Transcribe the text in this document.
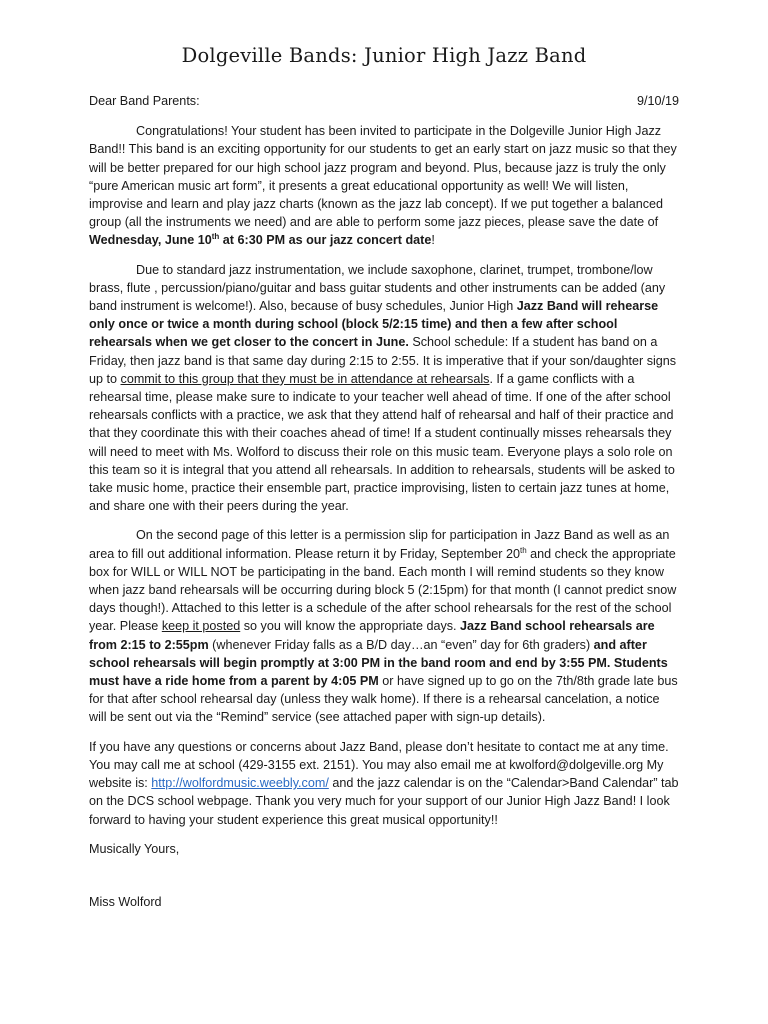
Dolgeville Bands: Junior High Jazz Band
Dear Band Parents:	9/10/19

Congratulations! Your student has been invited to participate in the Dolgeville Junior High Jazz Band!! This band is an exciting opportunity for our students to get an early start on jazz music so that they will be better prepared for our high school jazz program and beyond. Plus, because jazz is truly the only “pure American music art form”, it presents a great educational opportunity as well! We will listen, improvise and learn and play jazz charts (known as the jazz lab concept). If we put together a balanced group (all the instruments we need) and are able to perform some jazz pieces, please save the date of Wednesday, June 10th at 6:30 PM as our jazz concert date!

Due to standard jazz instrumentation, we include saxophone, clarinet, trumpet, trombone/low brass, flute , percussion/piano/guitar and bass guitar students and other instruments can be added (any band instrument is welcome!). Also, because of busy schedules, Junior High Jazz Band will rehearse only once or twice a month during school (block 5/2:15 time) and then a few after school rehearsals when we get closer to the concert in June. School schedule: If a student has band on a Friday, then jazz band is that same day during 2:15 to 2:55. It is imperative that if your son/daughter signs up to commit to this group that they must be in attendance at rehearsals. If a game conflicts with a rehearsal time, please make sure to indicate to your teacher well ahead of time. If one of the after school rehearsals conflicts with a practice, we ask that they attend half of rehearsal and half of their practice and that they coordinate this with their coaches ahead of time! If a student continually misses rehearsals they will need to meet with Ms. Wolford to discuss their role on this music team. Everyone plays a solo role on this team so it is integral that you attend all rehearsals. In addition to rehearsals, students will be asked to take music home, practice their ensemble part, practice improvising, listen to certain jazz tunes at home, and share one with their peers during the year.

On the second page of this letter is a permission slip for participation in Jazz Band as well as an area to fill out additional information. Please return it by Friday, September 20th and check the appropriate box for WILL or WILL NOT be participating in the band. Each month I will remind students so they know when jazz band rehearsals will be occurring during block 5 (2:15pm) for that month (I cannot predict snow days though!). Attached to this letter is a schedule of the after school rehearsals for the rest of the school year. Please keep it posted so you will know the appropriate days. Jazz Band school rehearsals are from 2:15 to 2:55pm (whenever Friday falls as a B/D day…an “even” day for 6th graders) and after school rehearsals will begin promptly at 3:00 PM in the band room and end by 3:55 PM. Students must have a ride home from a parent by 4:05 PM or have signed up to go on the 7th/8th grade late bus for that after school rehearsal day (unless they walk home). If there is a rehearsal cancelation, a notice will be sent out via the “Remind” service (see attached paper with sign-up details).

If you have any questions or concerns about Jazz Band, please don’t hesitate to contact me at any time. You may call me at school (429-3155 ext. 2151). You may also email me at kwolford@dolgeville.org My website is: http://wolfordmusic.weebly.com/ and the jazz calendar is on the “Calendar>Band Calendar” tab on the DCS school webpage. Thank you very much for your support of our Junior High Jazz Band! I look forward to having your student experience this great musical opportunity!!

Musically Yours,

Miss Wolford
